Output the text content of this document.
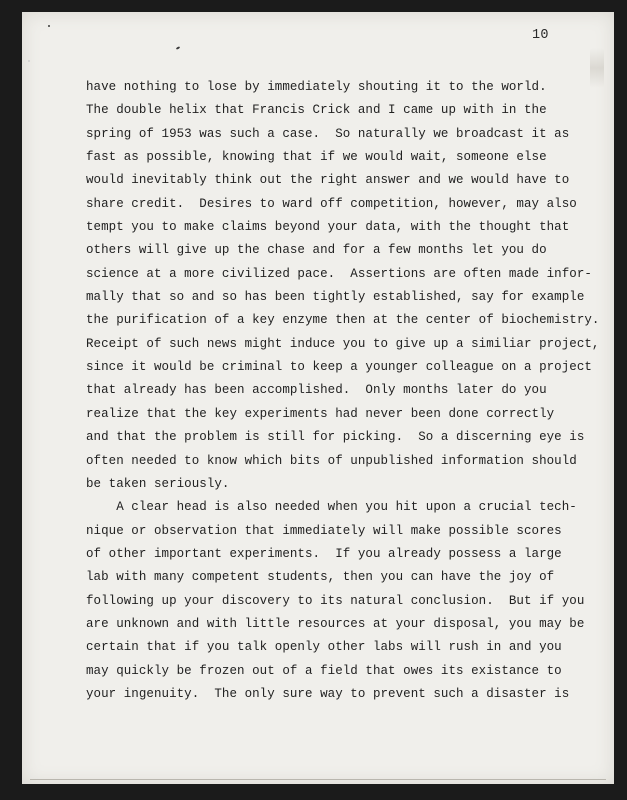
10
have nothing to lose by immediately shouting it to the world.
The double helix that Francis Crick and I came up with in the
spring of 1953 was such a case.  So naturally we broadcast it as
fast as possible, knowing that if we would wait, someone else
would inevitably think out the right answer and we would have to
share credit.  Desires to ward off competition, however, may also
tempt you to make claims beyond your data, with the thought that
others will give up the chase and for a few months let you do
science at a more civilized pace.  Assertions are often made infor-
mally that so and so has been tightly established, say for example
the purification of a key enzyme then at the center of biochemistry.
Receipt of such news might induce you to give up a similiar project,
since it would be criminal to keep a younger colleague on a project
that already has been accomplished.  Only months later do you
realize that the key experiments had never been done correctly
and that the problem is still for picking.  So a discerning eye is
often needed to know which bits of unpublished information should
be taken seriously.
A clear head is also needed when you hit upon a crucial tech-
nique or observation that immediately will make possible scores
of other important experiments.  If you already possess a large
lab with many competent students, then you can have the joy of
following up your discovery to its natural conclusion.  But if you
are unknown and with little resources at your disposal, you may be
certain that if you talk openly other labs will rush in and you
may quickly be frozen out of a field that owes its existance to
your ingenuity.  The only sure way to prevent such a disaster is
